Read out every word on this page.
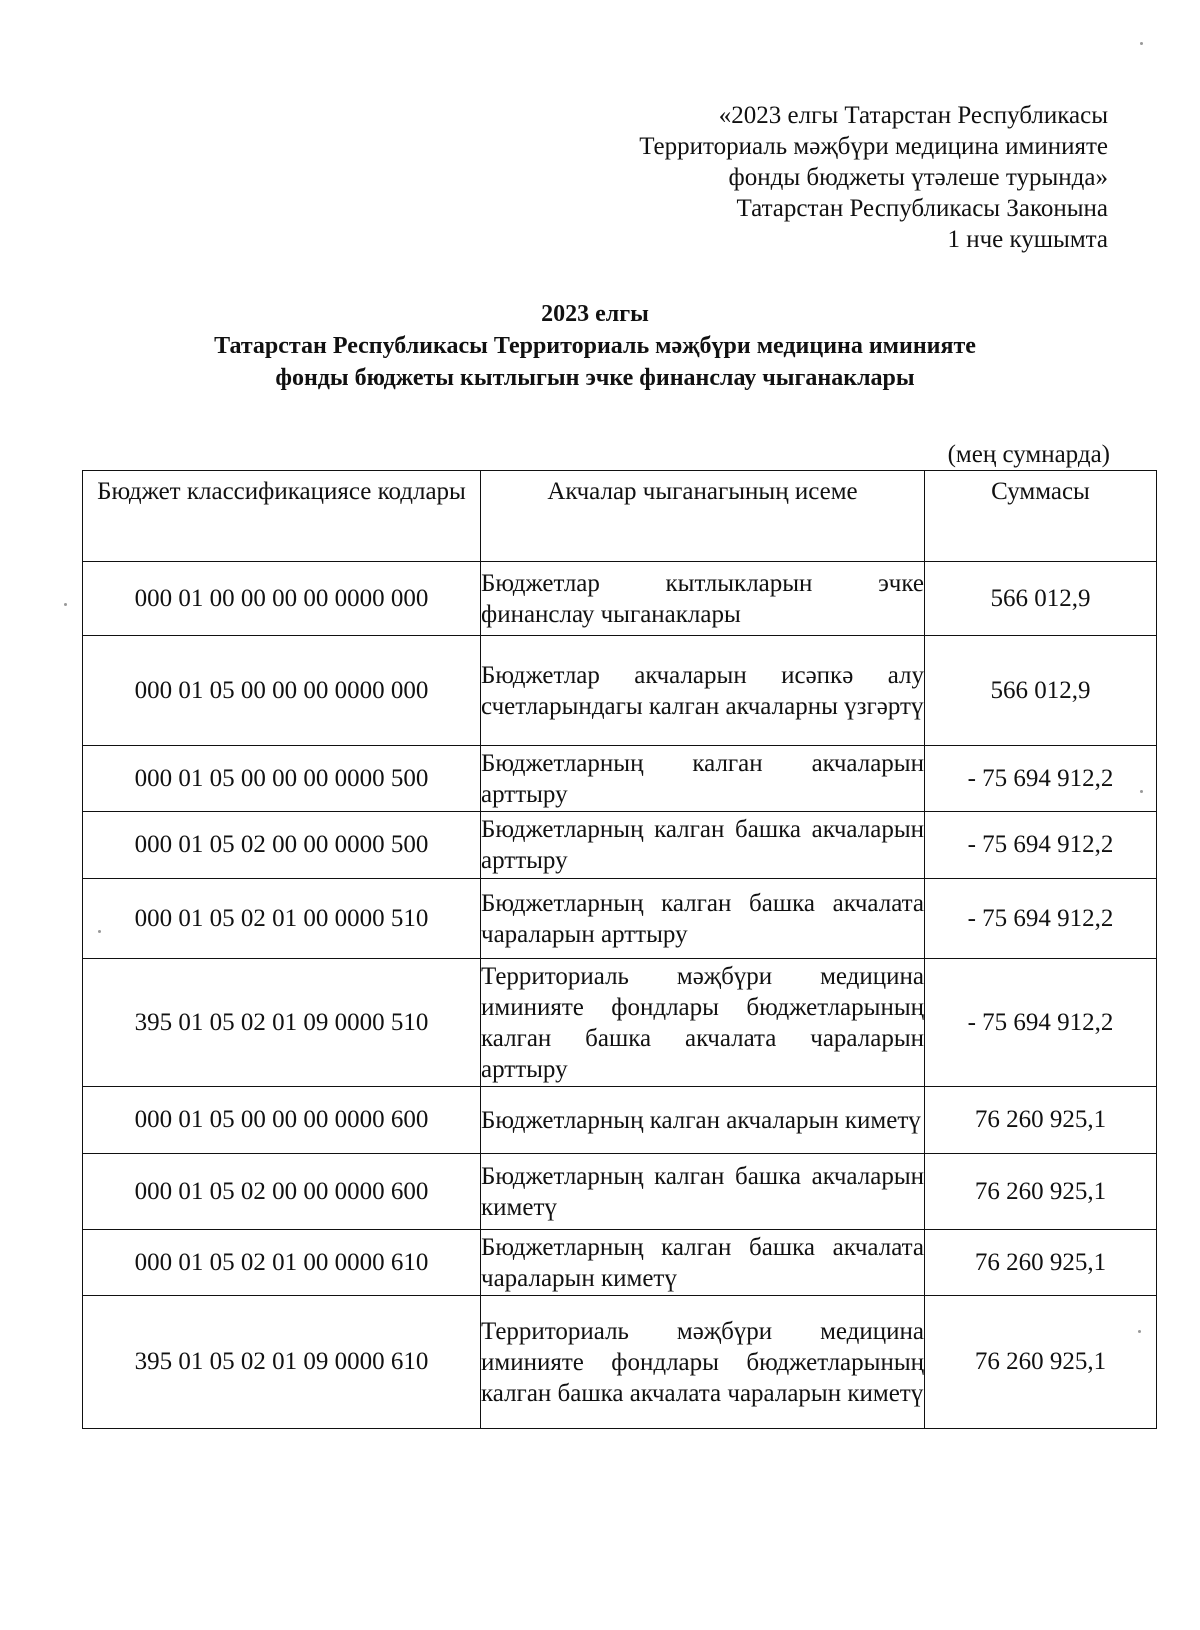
«2023 елгы Татарстан Республикасы
Территориаль мәҗбүри медицина иминияте
фонды бюджеты үтәлеше турында»
Татарстан Республикасы Законына
1 нче кушымта
2023 елгы
Татарстан Республикасы Территориаль мәҗбүри медицина иминияте
фонды бюджеты кытлыгын эчке финанслау чыганаклары
(мең сумнарда)
Бюджет классификациясе кодлары	Акчалар чыганагының исеме	Суммасы
000 01 00 00 00 00 0000 000	Бюджетлар кытлыкларын эчке финанслау чыганаклары	566 012,9
000 01 05 00 00 00 0000 000	Бюджетлар акчаларын исәпкә алу счетларындагы калган акчаларны үзгәртү	566 012,9
000 01 05 00 00 00 0000 500	Бюджетларның калган акчаларын арттыру	- 75 694 912,2
000 01 05 02 00 00 0000 500	Бюджетларның калган башка акчаларын арттыру	- 75 694 912,2
000 01 05 02 01 00 0000 510	Бюджетларның калган башка акчалата чараларын арттыру	- 75 694 912,2
395 01 05 02 01 09 0000 510	Территориаль мәҗбүри медицина иминияте фондлары бюджетларының калган башка акчалата чараларын арттыру	- 75 694 912,2
000 01 05 00 00 00 0000 600	Бюджетларның калган акчаларын киметү	76 260 925,1
000 01 05 02 00 00 0000 600	Бюджетларның калган башка акчаларын киметү	76 260 925,1
000 01 05 02 01 00 0000 610	Бюджетларның калган башка акчалата чараларын киметү	76 260 925,1
395 01 05 02 01 09 0000 610	Территориаль мәҗбүри медицина иминияте фондлары бюджетларының калган башка акчалата чараларын киметү	76 260 925,1
